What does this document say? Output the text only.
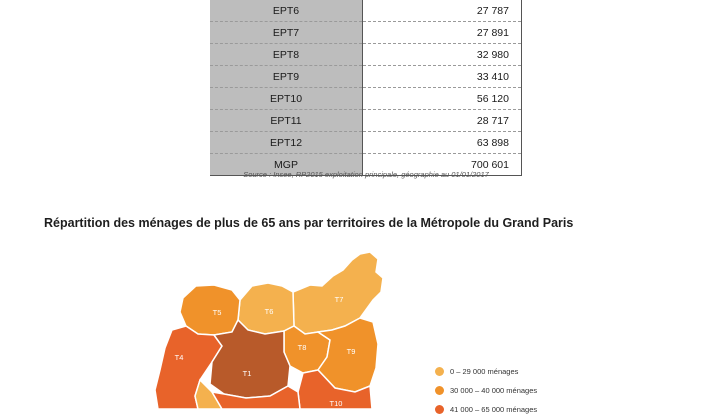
EPT6	27 787
EPT7	27 891
EPT8	32 980
EPT9	33 410
EPT10	56 120
EPT11	28 717
EPT12	63 898
MGP	700 601
Source : Insee, RP2015 exploitation principale, géographie au 01/01/2017
Répartition des ménages de plus de 65 ans par territoires de la Métropole du Grand Paris
T1
T4
T5	T6
T7
T8	T9
T10
0 – 29 000 ménages
30 000 – 40 000 ménages
41 000 – 65 000 ménages
